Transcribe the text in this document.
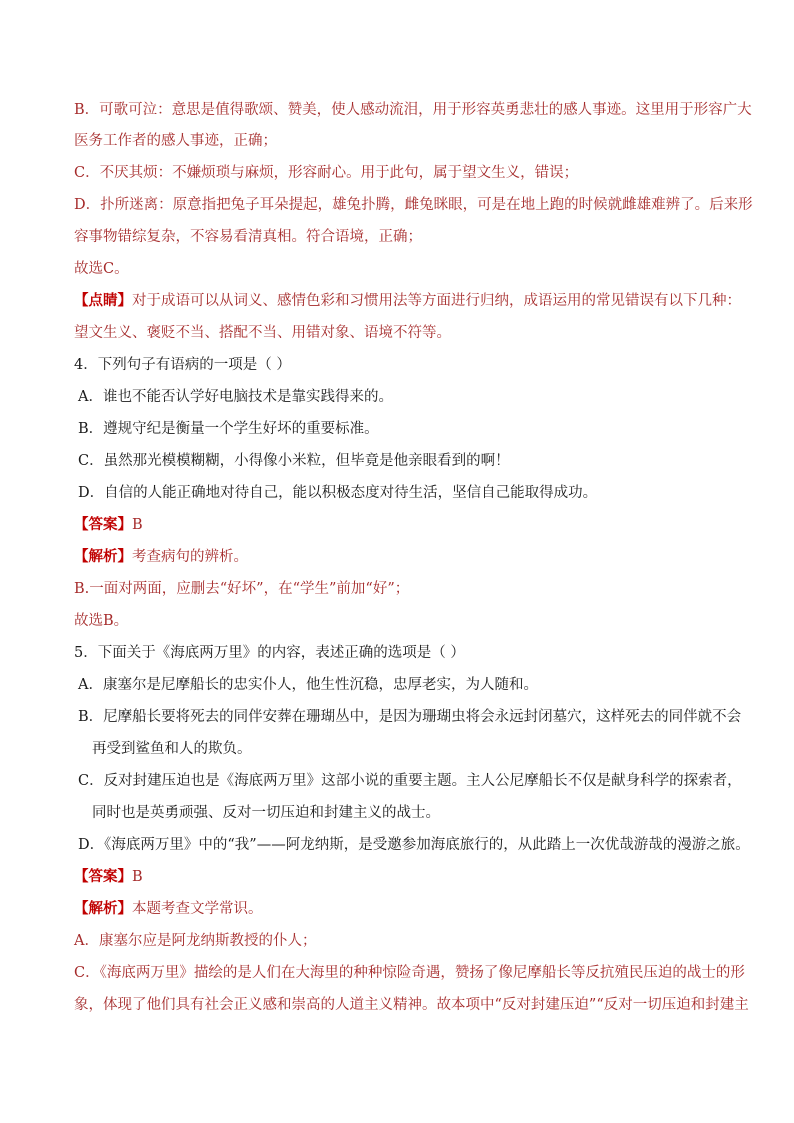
B．可歌可泣：意思是值得歌颂、赞美，使人感动流泪，用于形容英勇悲壮的感人事迹。这里用于形容广大
医务工作者的感人事迹，正确；
C．不厌其烦：不嫌烦琐与麻烦，形容耐心。用于此句，属于望文生义，错误；
D．扑所迷离：原意指把兔子耳朵提起，雄兔扑腾，雌兔眯眼，可是在地上跑的时候就雌雄难辨了。后来形
容事物错综复杂，不容易看清真相。符合语境，正确；
故选C。
【点睛】对于成语可以从词义、感情色彩和习惯用法等方面进行归纳，成语运用的常见错误有以下几种：
望文生义、褒贬不当、搭配不当、用错对象、语境不符等。
4．下列句子有语病的一项是（ ）
A．谁也不能否认学好电脑技术是靠实践得来的。
B．遵规守纪是衡量一个学生好坏的重要标准。
C．虽然那光模模糊糊，小得像小米粒，但毕竟是他亲眼看到的啊！
D．自信的人能正确地对待自己，能以积极态度对待生活，坚信自己能取得成功。
【答案】B
【解析】考查病句的辨析。
B.一面对两面，应删去“好坏”，在“学生”前加“好”；
故选B。
5．下面关于《海底两万里》的内容，表述正确的选项是（ ）
A．康塞尔是尼摩船长的忠实仆人，他生性沉稳，忠厚老实，为人随和。
B．尼摩船长要将死去的同伴安葬在珊瑚丛中，是因为珊瑚虫将会永远封闭墓穴，这样死去的同伴就不会
再受到鲨鱼和人的欺负。
C．反对封建压迫也是《海底两万里》这部小说的重要主题。主人公尼摩船长不仅是献身科学的探索者，
同时也是英勇顽强、反对一切压迫和封建主义的战士。
D．《海底两万里》中的“我”——阿龙纳斯，是受邀参加海底旅行的，从此踏上一次优哉游哉的漫游之旅。
【答案】B
【解析】本题考查文学常识。
A．康塞尔应是阿龙纳斯教授的仆人；
C．《海底两万里》描绘的是人们在大海里的种种惊险奇遇，赞扬了像尼摩船长等反抗殖民压迫的战士的形
象，体现了他们具有社会正义感和崇高的人道主义精神。故本项中“反对封建压迫”“反对一切压迫和封建主
